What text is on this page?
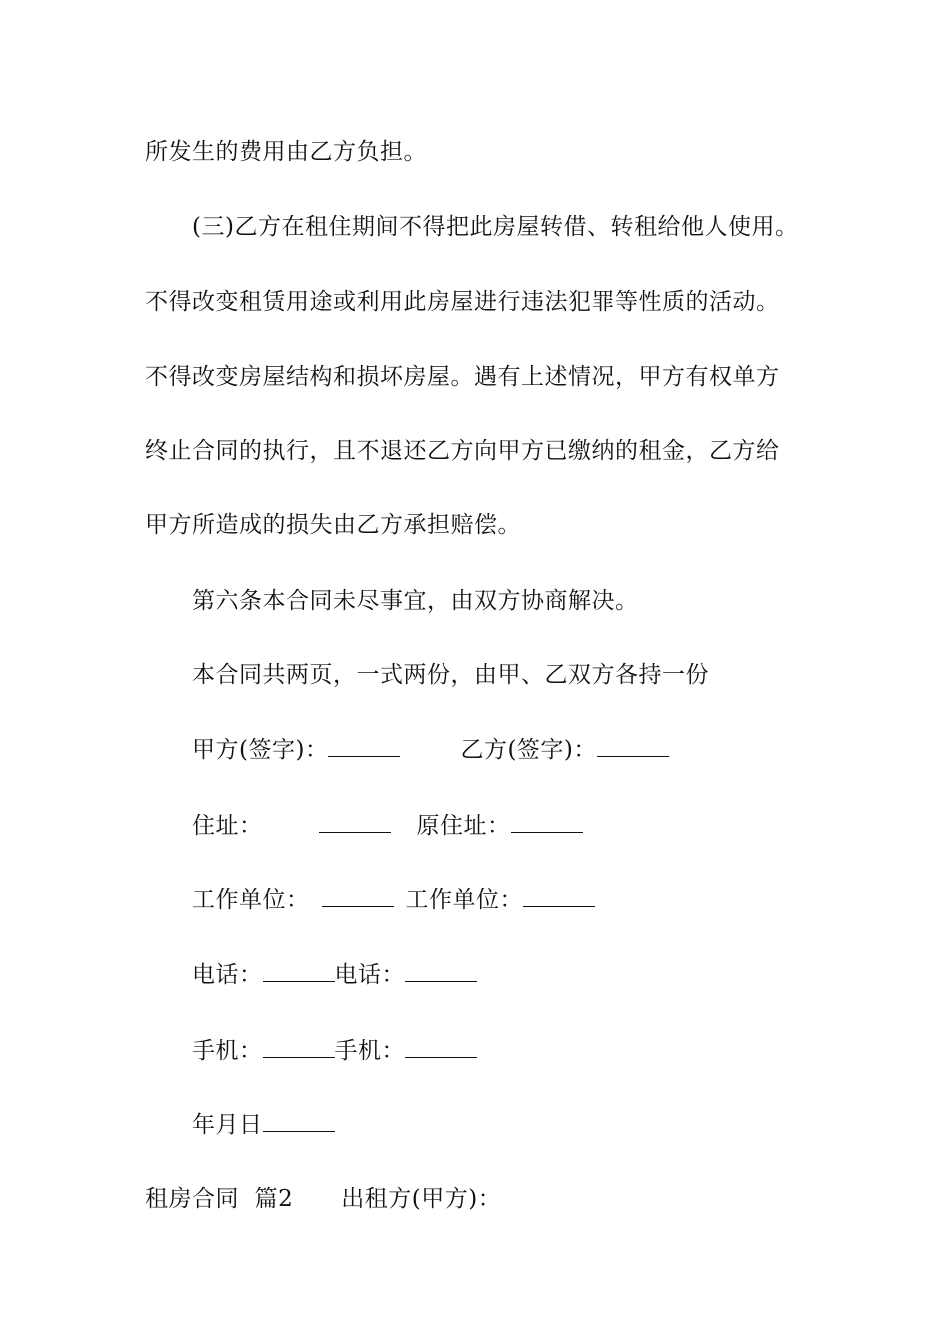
所发生的费用由乙方负担。
(三)乙方在租住期间不得把此房屋转借、转租给他人使用。
不得改变租赁用途或利用此房屋进行违法犯罪等性质的活动。
不得改变房屋结构和损坏房屋。遇有上述情况，甲方有权单方
终止合同的执行，且不退还乙方向甲方已缴纳的租金，乙方给
甲方所造成的损失由乙方承担赔偿。
第六条本合同未尽事宜，由双方协商解决。
本合同共两页，一式两份，由甲、乙双方各持一份
甲方(签字)：	乙方(签字)：
住址：	原住址：
工作单位：	工作单位：
电话：	电话：
手机：	手机：
年月日
租房合同 篇2 出租方(甲方)：
